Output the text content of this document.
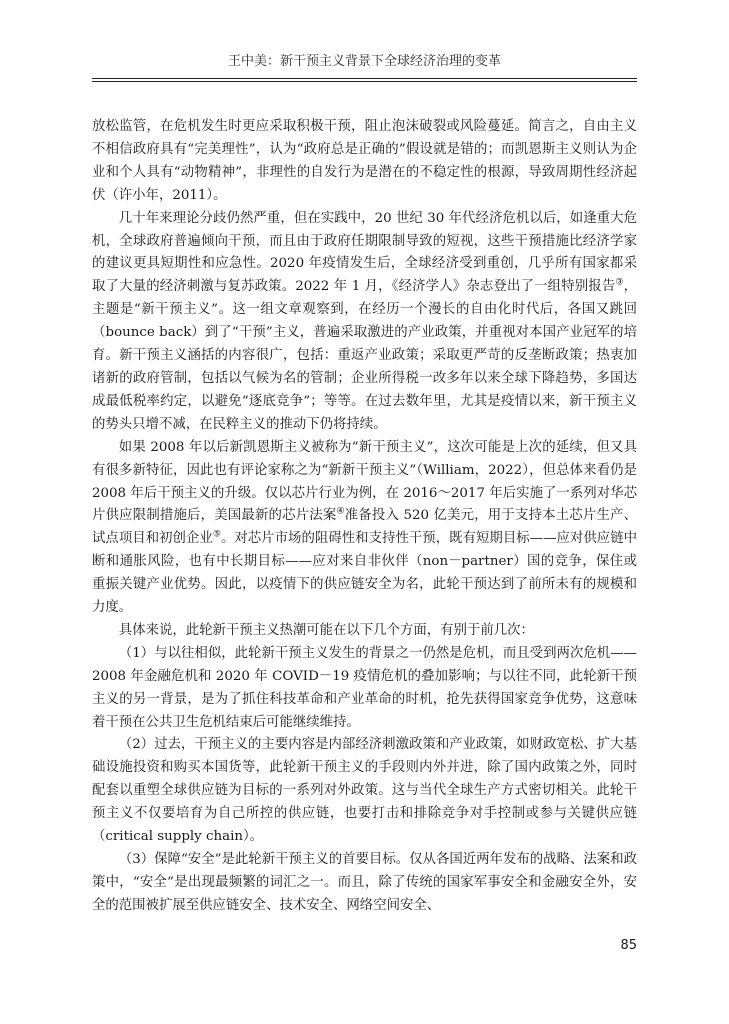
王中美：新干预主义背景下全球经济治理的变革

放松监管，在危机发生时更应采取积极干预，阻止泡沫破裂或风险蔓延。简言之，自由主义不相信政府具有“完美理性”，认为“政府总是正确的”假设就是错的；而凯恩斯主义则认为企业和个人具有“动物精神”，非理性的自发行为是潜在的不稳定性的根源，导致周期性经济起伏（许小年，2011）。

几十年来理论分歧仍然严重，但在实践中，20 世纪 30 年代经济危机以后，如逢重大危机，全球政府普遍倾向干预，而且由于政府任期限制导致的短视，这些干预措施比经济学家的建议更具短期性和应急性。2020 年疫情发生后，全球经济受到重创，几乎所有国家都采取了大量的经济刺激与复苏政策。2022 年 1 月，《经济学人》杂志登出了一组特别报告③，主题是“新干预主义”。这一组文章观察到，在经历一个漫长的自由化时代后，各国又跳回（bounce back）到了“干预”主义，普遍采取激进的产业政策，并重视对本国产业冠军的培育。新干预主义涵括的内容很广，包括：重返产业政策；采取更严苛的反垄断政策；热衷加诸新的政府管制，包括以气候为名的管制；企业所得税一改多年以来全球下降趋势，多国达成最低税率约定，以避免“逐底竞争”；等等。在过去数年里，尤其是疫情以来，新干预主义的势头只增不减，在民粹主义的推动下仍将持续。

如果 2008 年以后新凯恩斯主义被称为“新干预主义”，这次可能是上次的延续，但又具有很多新特征，因此也有评论家称之为“新新干预主义”（William，2022），但总体来看仍是 2008 年后干预主义的升级。仅以芯片行业为例，在 2016～2017 年后实施了一系列对华芯片供应限制措施后，美国最新的芯片法案④准备投入 520 亿美元，用于支持本土芯片生产、试点项目和初创企业⑤。对芯片市场的阻碍性和支持性干预，既有短期目标——应对供应链中断和通胀风险，也有中长期目标——应对来自非伙伴（non－partner）国的竞争，保住或重振关键产业优势。因此，以疫情下的供应链安全为名，此轮干预达到了前所未有的规模和力度。

具体来说，此轮新干预主义热潮可能在以下几个方面，有别于前几次：

（1）与以往相似，此轮新干预主义发生的背景之一仍然是危机，而且受到两次危机——2008 年金融危机和 2020 年 COVID－19 疫情危机的叠加影响；与以往不同，此轮新干预主义的另一背景，是为了抓住科技革命和产业革命的时机，抢先获得国家竞争优势，这意味着干预在公共卫生危机结束后可能继续维持。

（2）过去，干预主义的主要内容是内部经济刺激政策和产业政策，如财政宽松、扩大基础设施投资和购买本国货等，此轮新干预主义的手段则内外并进，除了国内政策之外，同时配套以重塑全球供应链为目标的一系列对外政策。这与当代全球生产方式密切相关。此轮干预主义不仅要培育为自己所控的供应链，也要打击和排除竞争对手控制或参与关键供应链（critical supply chain）。

（3）保障“安全”是此轮新干预主义的首要目标。仅从各国近两年发布的战略、法案和政策中，“安全”是出现最频繁的词汇之一。而且，除了传统的国家军事安全和金融安全外，安全的范围被扩展至供应链安全、技术安全、网络空间安全、

85
